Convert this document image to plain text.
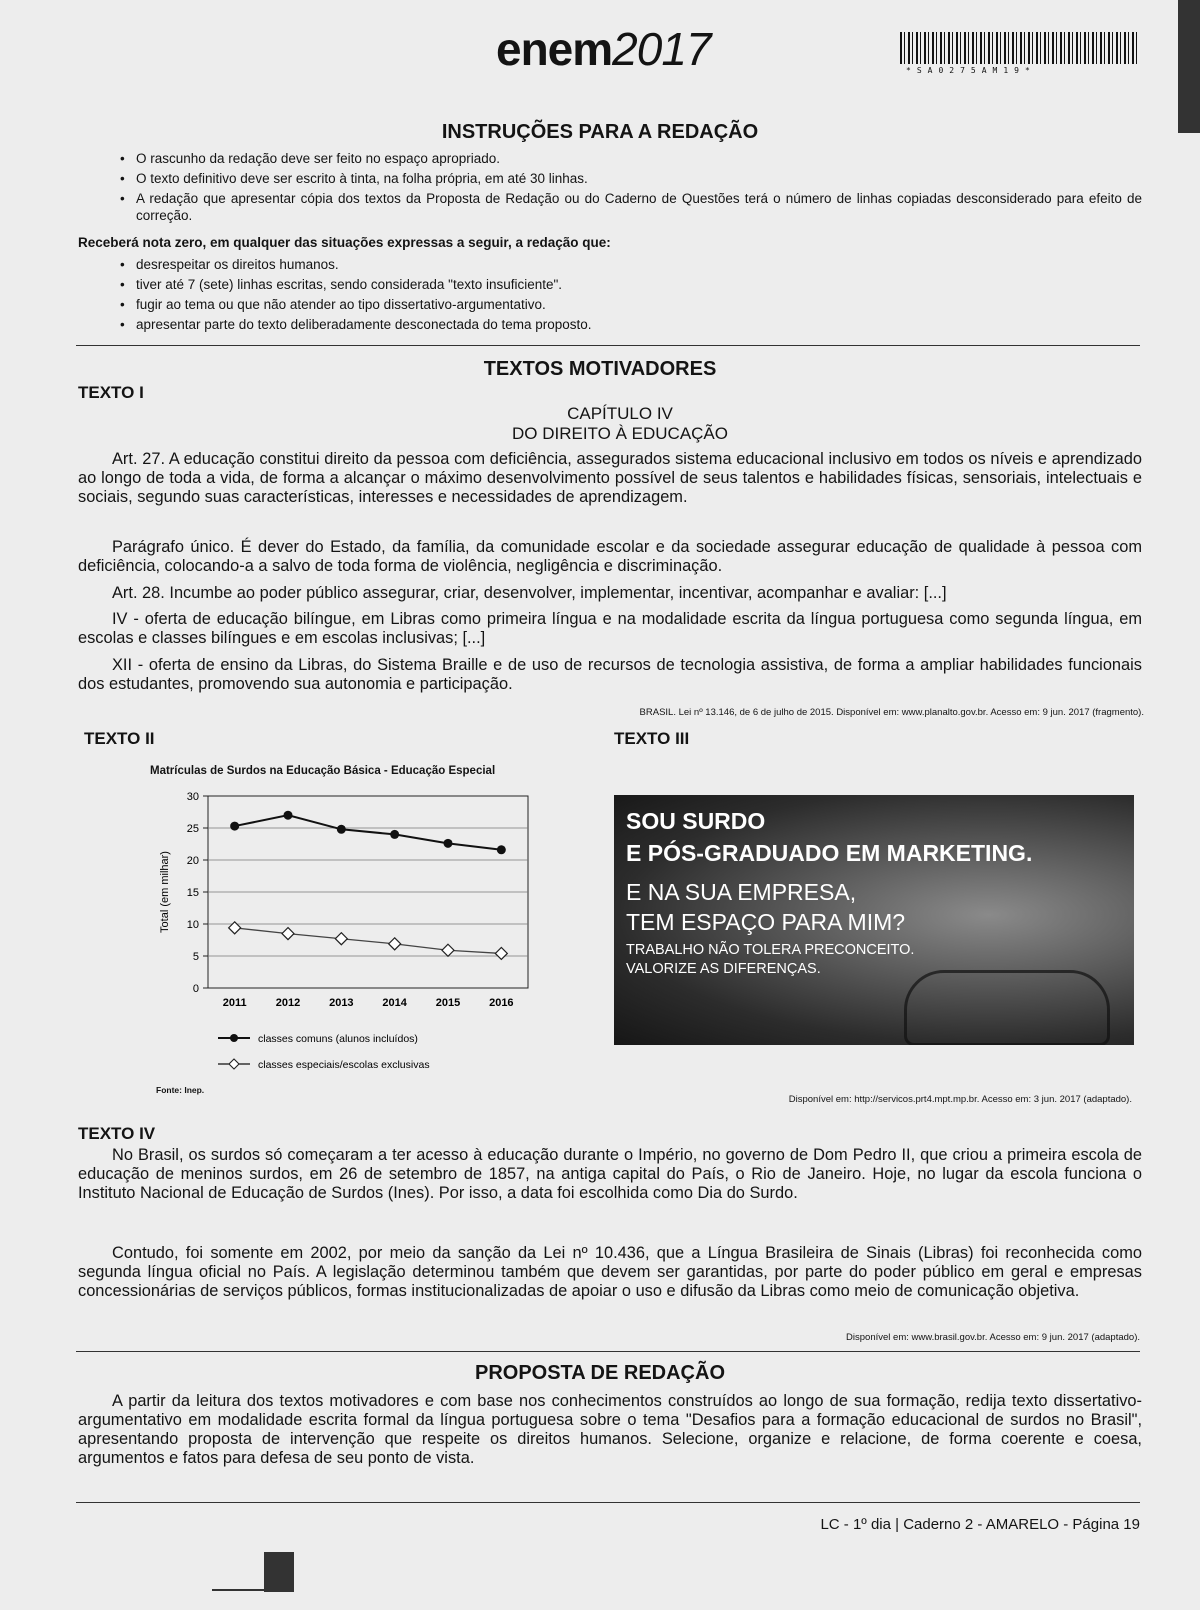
enem2017	*SA0275AM19*
INSTRUÇÕES PARA A REDAÇÃO
• O rascunho da redação deve ser feito no espaço apropriado.
• O texto definitivo deve ser escrito à tinta, na folha própria, em até 30 linhas.
• A redação que apresentar cópia dos textos da Proposta de Redação ou do Caderno de Questões terá o número de linhas copiadas desconsiderado para efeito de correção.
Receberá nota zero, em qualquer das situações expressas a seguir, a redação que:
• desrespeitar os direitos humanos.
• tiver até 7 (sete) linhas escritas, sendo considerada "texto insuficiente".
• fugir ao tema ou que não atender ao tipo dissertativo-argumentativo.
• apresentar parte do texto deliberadamente desconectada do tema proposto.
TEXTOS MOTIVADORES
TEXTO I
CAPÍTULO IV
DO DIREITO À EDUCAÇÃO

Art. 27. A educação constitui direito da pessoa com deficiência, assegurados sistema educacional inclusivo em todos os níveis e aprendizado ao longo de toda a vida, de forma a alcançar o máximo desenvolvimento possível de seus talentos e habilidades físicas, sensoriais, intelectuais e sociais, segundo suas características, interesses e necessidades de aprendizagem.

Parágrafo único. É dever do Estado, da família, da comunidade escolar e da sociedade assegurar educação de qualidade à pessoa com deficiência, colocando-a a salvo de toda forma de violência, negligência e discriminação.

Art. 28. Incumbe ao poder público assegurar, criar, desenvolver, implementar, incentivar, acompanhar e avaliar: [...]

IV - oferta de educação bilíngue, em Libras como primeira língua e na modalidade escrita da língua portuguesa como segunda língua, em escolas e classes bilíngues e em escolas inclusivas; [...]

XII - oferta de ensino da Libras, do Sistema Braille e de uso de recursos de tecnologia assistiva, de forma a ampliar habilidades funcionais dos estudantes, promovendo sua autonomia e participação.

BRASIL. Lei nº 13.146, de 6 de julho de 2015. Disponível em: www.planalto.gov.br. Acesso em: 9 jun. 2017 (fragmento).
TEXTO II
Matrículas de Surdos na Educação Básica - Educação Especial
0
5
10
15
20
25
30
2011	2012	2013	2014	2015	2016
Total (em milhar)
classes comuns (alunos incluídos)
classes especiais/escolas exclusivas
Fonte: Inep.
TEXTO III
SOU SURDO
E PÓS-GRADUADO EM MARKETING.
E NA SUA EMPRESA,
TEM ESPAÇO PARA MIM?
TRABALHO NÃO TOLERA PRECONCEITO.
VALORIZE AS DIFERENÇAS.
Disponível em: http://servicos.prt4.mpt.mp.br. Acesso em: 3 jun. 2017 (adaptado).
TEXTO IV

No Brasil, os surdos só começaram a ter acesso à educação durante o Império, no governo de Dom Pedro II, que criou a primeira escola de educação de meninos surdos, em 26 de setembro de 1857, na antiga capital do País, o Rio de Janeiro. Hoje, no lugar da escola funciona o Instituto Nacional de Educação de Surdos (Ines). Por isso, a data foi escolhida como Dia do Surdo.

Contudo, foi somente em 2002, por meio da sanção da Lei nº 10.436, que a Língua Brasileira de Sinais (Libras) foi reconhecida como segunda língua oficial no País. A legislação determinou também que devem ser garantidas, por parte do poder público em geral e empresas concessionárias de serviços públicos, formas institucionalizadas de apoiar o uso e difusão da Libras como meio de comunicação objetiva.

Disponível em: www.brasil.gov.br. Acesso em: 9 jun. 2017 (adaptado).
PROPOSTA DE REDAÇÃO

A partir da leitura dos textos motivadores e com base nos conhecimentos construídos ao longo de sua formação, redija texto dissertativo-argumentativo em modalidade escrita formal da língua portuguesa sobre o tema "Desafios para a formação educacional de surdos no Brasil", apresentando proposta de intervenção que respeite os direitos humanos. Selecione, organize e relacione, de forma coerente e coesa, argumentos e fatos para defesa de seu ponto de vista.

LC - 1º dia | Caderno 2 - AMARELO - Página 19
